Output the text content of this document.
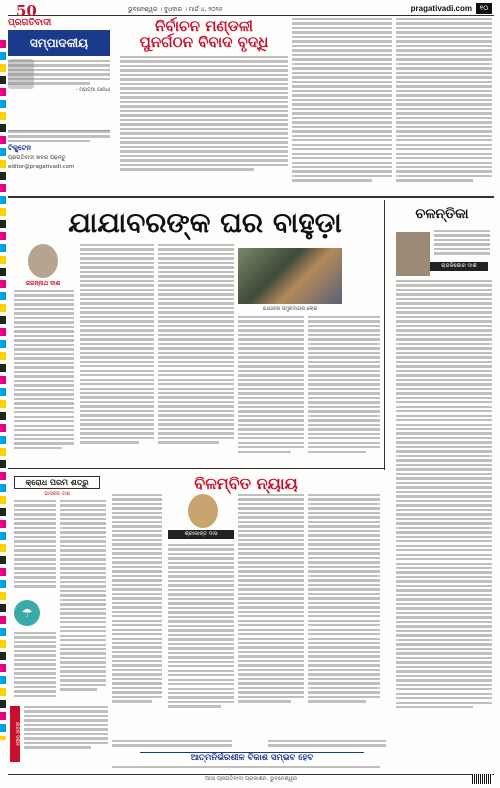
50	ଭୁବନେଶ୍ୱର । ବୁଧବାର । ମାର୍ଚ୍ଚ ୪, ୨୦୨୬	pragativadi.com	୧୦
ପ୍ରଗତିବାଦୀ
ସମ୍ପାଦକୀୟ
- ମହାତ୍ମା ଗାନ୍ଧୀ
ଟିକ୍ସ୍ଟେନ
ପ୍ରଗତିବାଦୀ ଖବର ପଢ଼ନ୍ତୁ
editor@pragativadi.com
ନିର୍ବାଚନ ମଣ୍ଡଳୀ
ପୁନର୍ଗଠନ ବିବାଦ ବୃଦ୍ଧି
ଯାଯାବରଙ୍କ ଘର ବାହୁଡ଼ା
ଜଗନ୍ନାଥ ଦାଶ
ଯାଯାବର ସମ୍ପ୍ରଦାୟର ଲୋକ
ଚଳନ୍ତିକା
ରାଜକିଶୋର ଦାଶ
କ୍ରୋଧ ପରମ ଶତ୍ରୁ
ଭାସ୍କର ଦାଶ
☂
ଜୀବନ ଦର୍ଶନ
ବିଳମ୍ବିତ ନ୍ୟାୟ
ଶ୍ରୀକାନ୍ତ ଦାସ
ଆତ୍ମନିର୍ଭରଶୀଳ ବିକାଶ ସମ୍ଭବ ହେବ
ଆସୀ ପ୍ରଗତିବାଦୀ ପ୍ରକାଶନ, ଭୁବନେଶ୍ୱର
